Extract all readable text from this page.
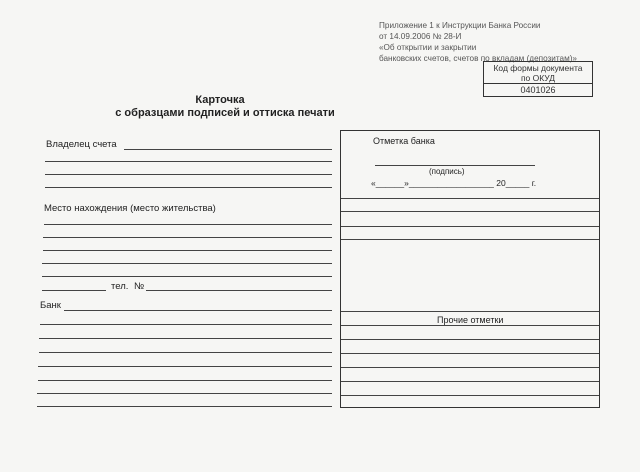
Приложение 1 к Инструкции Банка России
от 14.09.2006 № 28-И
«Об открытии и закрытии
банковских счетов, счетов по вкладам (депозитам)»
Код формы документа
по ОКУД
0401026
Карточка
с образцами подписей и оттиска печати
Владелец счета
Место нахождения (место жительства)
тел. №
Банк
Отметка банка
(подпись)
«______»__________________ 20_____ г.
Прочие отметки
